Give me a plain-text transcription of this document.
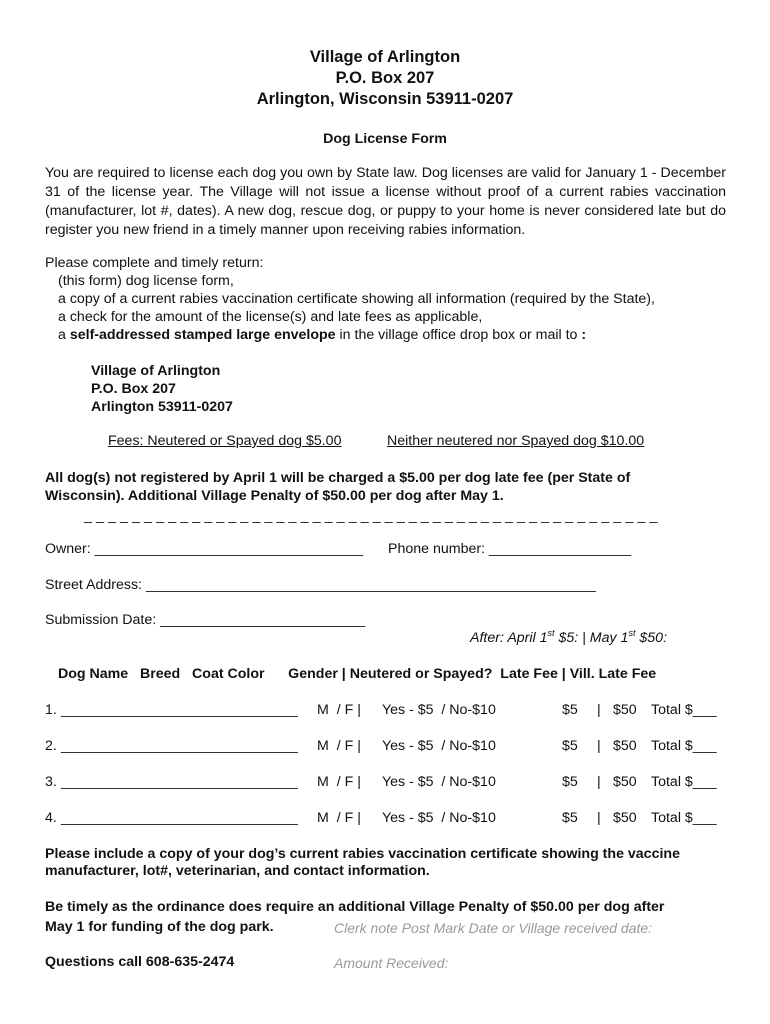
Village of Arlington
P.O. Box 207
Arlington, Wisconsin 53911-0207
Dog License Form
You are required to license each dog you own by State law. Dog licenses are valid for January 1 - December 31 of the license year. The Village will not issue a license without proof of a current rabies vaccination (manufacturer, lot #, dates). A new dog, rescue dog, or puppy to your home is never considered late but do register you new friend in a timely manner upon receiving rabies information.
Please complete and timely return:
(this form) dog license form,
a copy of a current rabies vaccination certificate showing all information (required by the State),
a check for the amount of the license(s) and late fees as applicable,
a self-addressed stamped large envelope in the village office drop box or mail to :
Village of Arlington
P.O. Box 207
Arlington 53911-0207
Fees: Neutered or Spayed dog $5.00	Neither neutered nor Spayed dog $10.00
All dog(s) not registered by April 1 will be charged a $5.00 per dog late fee (per State of
Wisconsin). Additional Village Penalty of $50.00 per dog after May 1.
_ _ _ _ _ _ _ _ _ _ _ _ _ _ _ _ _ _ _ _ _ _ _ _ _ _ _ _ _ _ _ _ _ _ _ _ _ _ _ _ _ _ _ _ _ _ _ _
Owner: __________________________________ Phone number: __________________
Street Address: _________________________________________________________
Submission Date: __________________________
After: April 1st $5: | May 1st $50:
Dog Name   Breed   Coat Color      Gender | Neutered or Spayed?  Late Fee | Vill. Late Fee
1. ______________________________ M  / F | Yes - $5  / No-$10	$5 | $50 Total $___
2. ______________________________ M  / F | Yes - $5  / No-$10	$5 | $50 Total $___
3. ______________________________ M  / F | Yes - $5  / No-$10	$5 | $50 Total $___
4. ______________________________ M  / F | Yes - $5  / No-$10	$5 | $50 Total $___
Please include a copy of your dog’s current rabies vaccination certificate showing the vaccine
manufacturer, lot#, veterinarian, and contact information.
Be timely as the ordinance does require an additional Village Penalty of $50.00 per dog after
May 1 for funding of the dog park.	Clerk note Post Mark Date or Village received date:
Questions call 608-635-2474	Amount Received:
